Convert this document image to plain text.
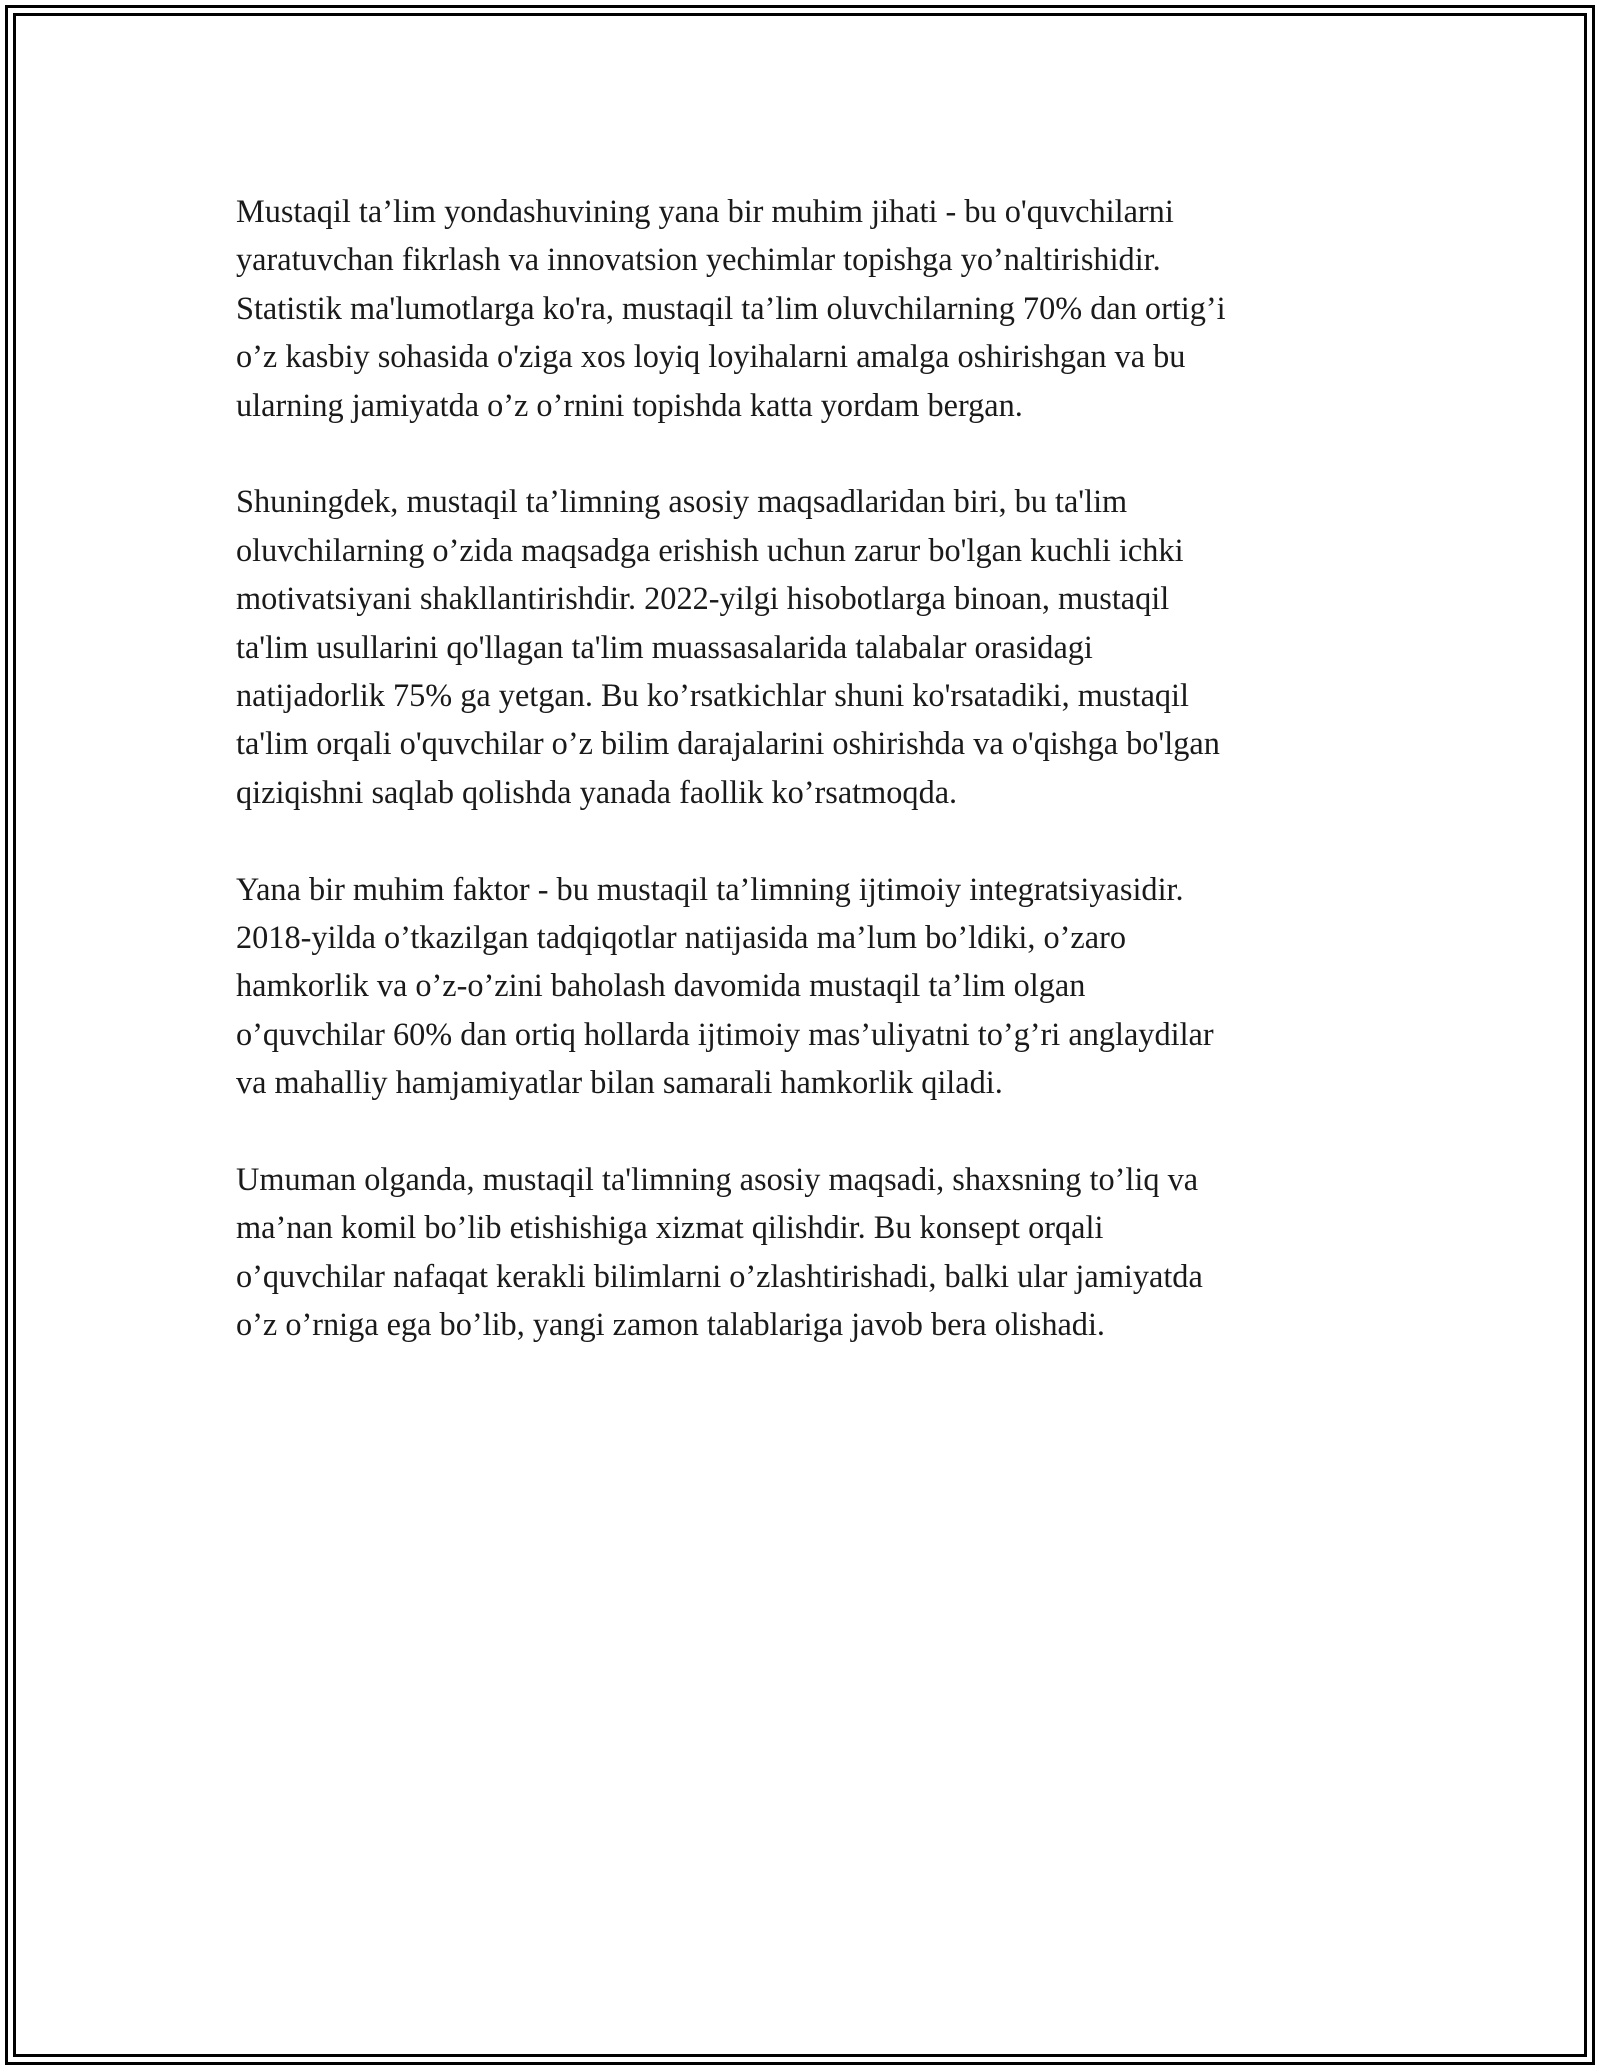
Mustaqil ta’lim yondashuvining yana bir muhim jihati - bu o'quvchilarni
yaratuvchan fikrlash va innovatsion yechimlar topishga yo’naltirishidir.
Statistik ma'lumotlarga ko'ra, mustaqil ta’lim oluvchilarning 70% dan ortig’i
o’z kasbiy sohasida o'ziga xos loyiq loyihalarni amalga oshirishgan va bu
ularning jamiyatda o’z o’rnini topishda katta yordam bergan.

Shuningdek, mustaqil ta’limning asosiy maqsadlaridan biri, bu ta'lim
oluvchilarning o’zida maqsadga erishish uchun zarur bo'lgan kuchli ichki
motivatsiyani shakllantirishdir. 2022-yilgi hisobotlarga binoan, mustaqil
ta'lim usullarini qo'llagan ta'lim muassasalarida talabalar orasidagi
natijadorlik 75% ga yetgan. Bu ko’rsatkichlar shuni ko'rsatadiki, mustaqil
ta'lim orqali o'quvchilar o’z bilim darajalarini oshirishda va o'qishga bo'lgan
qiziqishni saqlab qolishda yanada faollik ko’rsatmoqda.

Yana bir muhim faktor - bu mustaqil ta’limning ijtimoiy integratsiyasidir.
2018-yilda o’tkazilgan tadqiqotlar natijasida ma’lum bo’ldiki, o’zaro
hamkorlik va o’z-o’zini baholash davomida mustaqil ta’lim olgan
o’quvchilar 60% dan ortiq hollarda ijtimoiy mas’uliyatni to’g’ri anglaydilar
va mahalliy hamjamiyatlar bilan samarali hamkorlik qiladi.

Umuman olganda, mustaqil ta'limning asosiy maqsadi, shaxsning to’liq va
ma’nan komil bo’lib etishishiga xizmat qilishdir. Bu konsept orqali
o’quvchilar nafaqat kerakli bilimlarni o’zlashtirishadi, balki ular jamiyatda
o’z o’rniga ega bo’lib, yangi zamon talablariga javob bera olishadi.
